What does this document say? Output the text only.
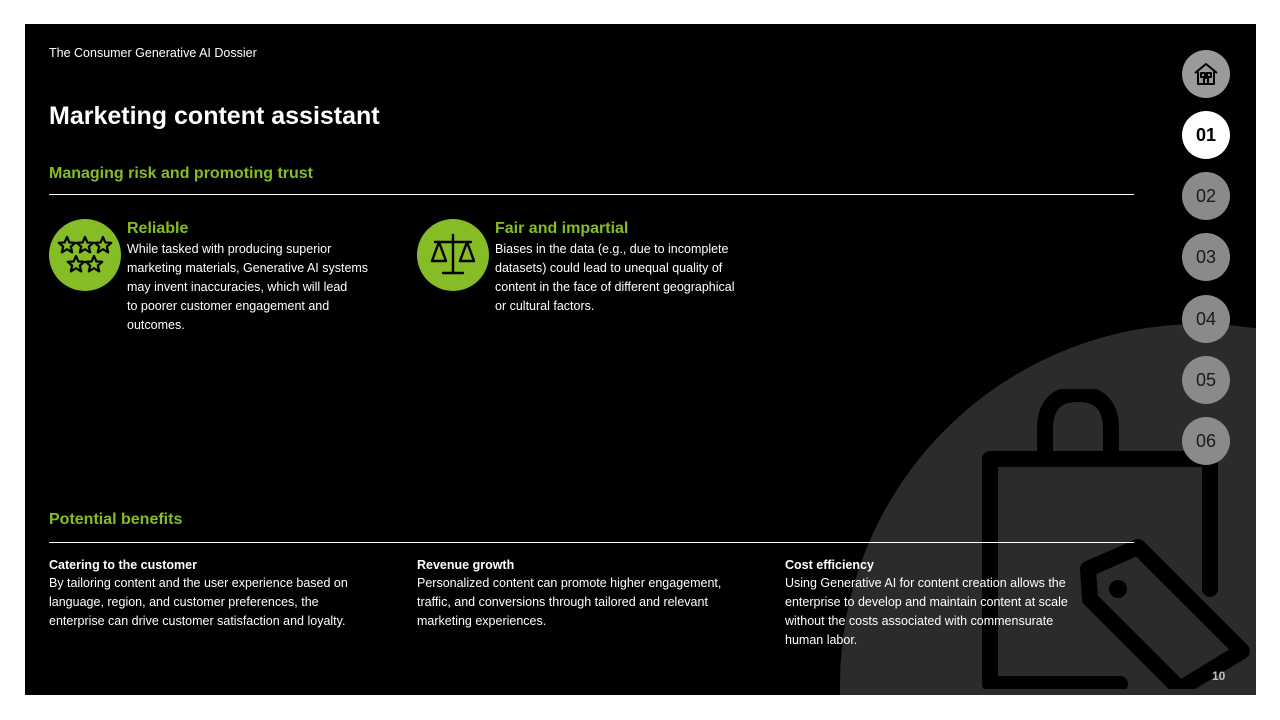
The Consumer Generative AI Dossier
Marketing content assistant
Managing risk and promoting trust
Reliable
While tasked with producing superior
marketing materials, Generative AI systems
may invent inaccuracies, which will lead
to poorer customer engagement and
outcomes.
Fair and impartial
Biases in the data (e.g., due to incomplete
datasets) could lead to unequal quality of
content in the face of different geographical
or cultural factors.
Potential benefits
Catering to the customer
By tailoring content and the user experience based on
language, region, and customer preferences, the
enterprise can drive customer satisfaction and loyalty.
Revenue growth
Personalized content can promote higher engagement,
traffic, and conversions through tailored and relevant
marketing experiences.
Cost efficiency
Using Generative AI for content creation allows the
enterprise to develop and maintain content at scale
without the costs associated with commensurate
human labor.
01
02
03
04
05
06
10
